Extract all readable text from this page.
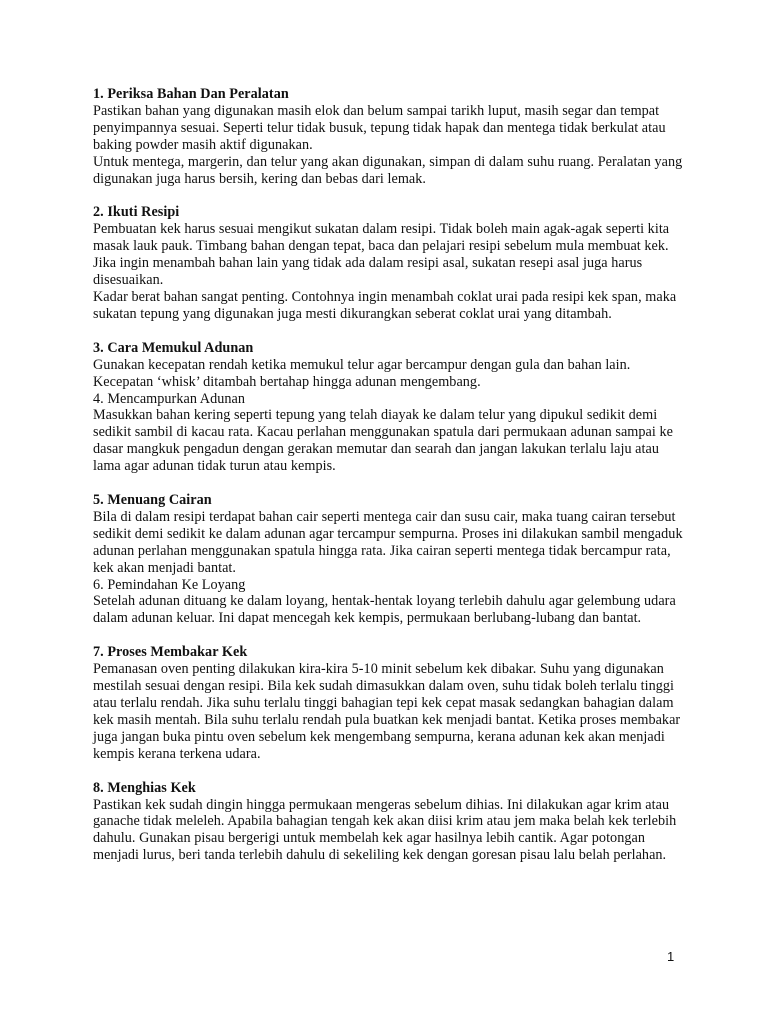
1. Periksa Bahan Dan Peralatan

Pastikan bahan yang digunakan masih elok dan belum sampai tarikh luput, masih segar dan tempat penyimpannya sesuai. Seperti telur tidak busuk, tepung tidak hapak dan mentega tidak berkulat atau baking powder masih aktif digunakan.

Untuk mentega, margerin, dan telur yang akan digunakan, simpan di dalam suhu ruang. Peralatan yang digunakan juga harus bersih, kering dan bebas dari lemak.

2. Ikuti Resipi

Pembuatan kek harus sesuai mengikut sukatan dalam resipi. Tidak boleh main agak-agak seperti kita masak lauk pauk. Timbang bahan dengan tepat, baca dan pelajari resipi sebelum mula membuat kek. Jika ingin menambah bahan lain yang tidak ada dalam resipi asal, sukatan resepi asal juga harus disesuaikan.

Kadar berat bahan sangat penting. Contohnya ingin menambah coklat urai pada resipi kek span, maka sukatan tepung yang digunakan juga mesti dikurangkan seberat coklat urai yang ditambah.

3. Cara Memukul Adunan

Gunakan kecepatan rendah ketika memukul telur agar bercampur dengan gula dan bahan lain. Kecepatan ‘whisk’ ditambah bertahap hingga adunan mengembang.

4. Mencampurkan Adunan

Masukkan bahan kering seperti tepung yang telah diayak ke dalam telur yang dipukul sedikit demi sedikit sambil di kacau rata. Kacau perlahan menggunakan spatula dari permukaan adunan sampai ke dasar mangkuk pengadun dengan gerakan memutar dan searah dan jangan lakukan terlalu laju atau lama agar adunan tidak turun atau kempis.

5. Menuang Cairan

Bila di dalam resipi terdapat bahan cair seperti mentega cair dan susu cair, maka tuang cairan tersebut sedikit demi sedikit ke dalam adunan agar tercampur sempurna. Proses ini dilakukan sambil mengaduk adunan perlahan menggunakan spatula hingga rata. Jika cairan seperti mentega tidak bercampur rata, kek akan menjadi bantat.

6. Pemindahan Ke Loyang

Setelah adunan dituang ke dalam loyang, hentak-hentak loyang terlebih dahulu agar gelembung udara dalam adunan keluar. Ini dapat mencegah kek kempis, permukaan berlubang-lubang dan bantat.

7. Proses Membakar Kek

Pemanasan oven penting dilakukan kira-kira 5-10 minit sebelum kek dibakar. Suhu yang digunakan mestilah sesuai dengan resipi. Bila kek sudah dimasukkan dalam oven, suhu tidak boleh terlalu tinggi atau terlalu rendah. Jika suhu terlalu tinggi bahagian tepi kek cepat masak sedangkan bahagian dalam kek masih mentah. Bila suhu terlalu rendah pula buatkan kek menjadi bantat. Ketika proses membakar juga jangan buka pintu oven sebelum kek mengembang sempurna, kerana adunan kek akan menjadi kempis kerana terkena udara.

8. Menghias Kek

Pastikan kek sudah dingin hingga permukaan mengeras sebelum dihias. Ini dilakukan agar krim atau ganache tidak meleleh. Apabila bahagian tengah kek akan diisi krim atau jem maka belah kek terlebih dahulu. Gunakan pisau bergerigi untuk membelah kek agar hasilnya lebih cantik. Agar potongan menjadi lurus, beri tanda terlebih dahulu di sekeliling kek dengan goresan pisau lalu belah perlahan.

1
